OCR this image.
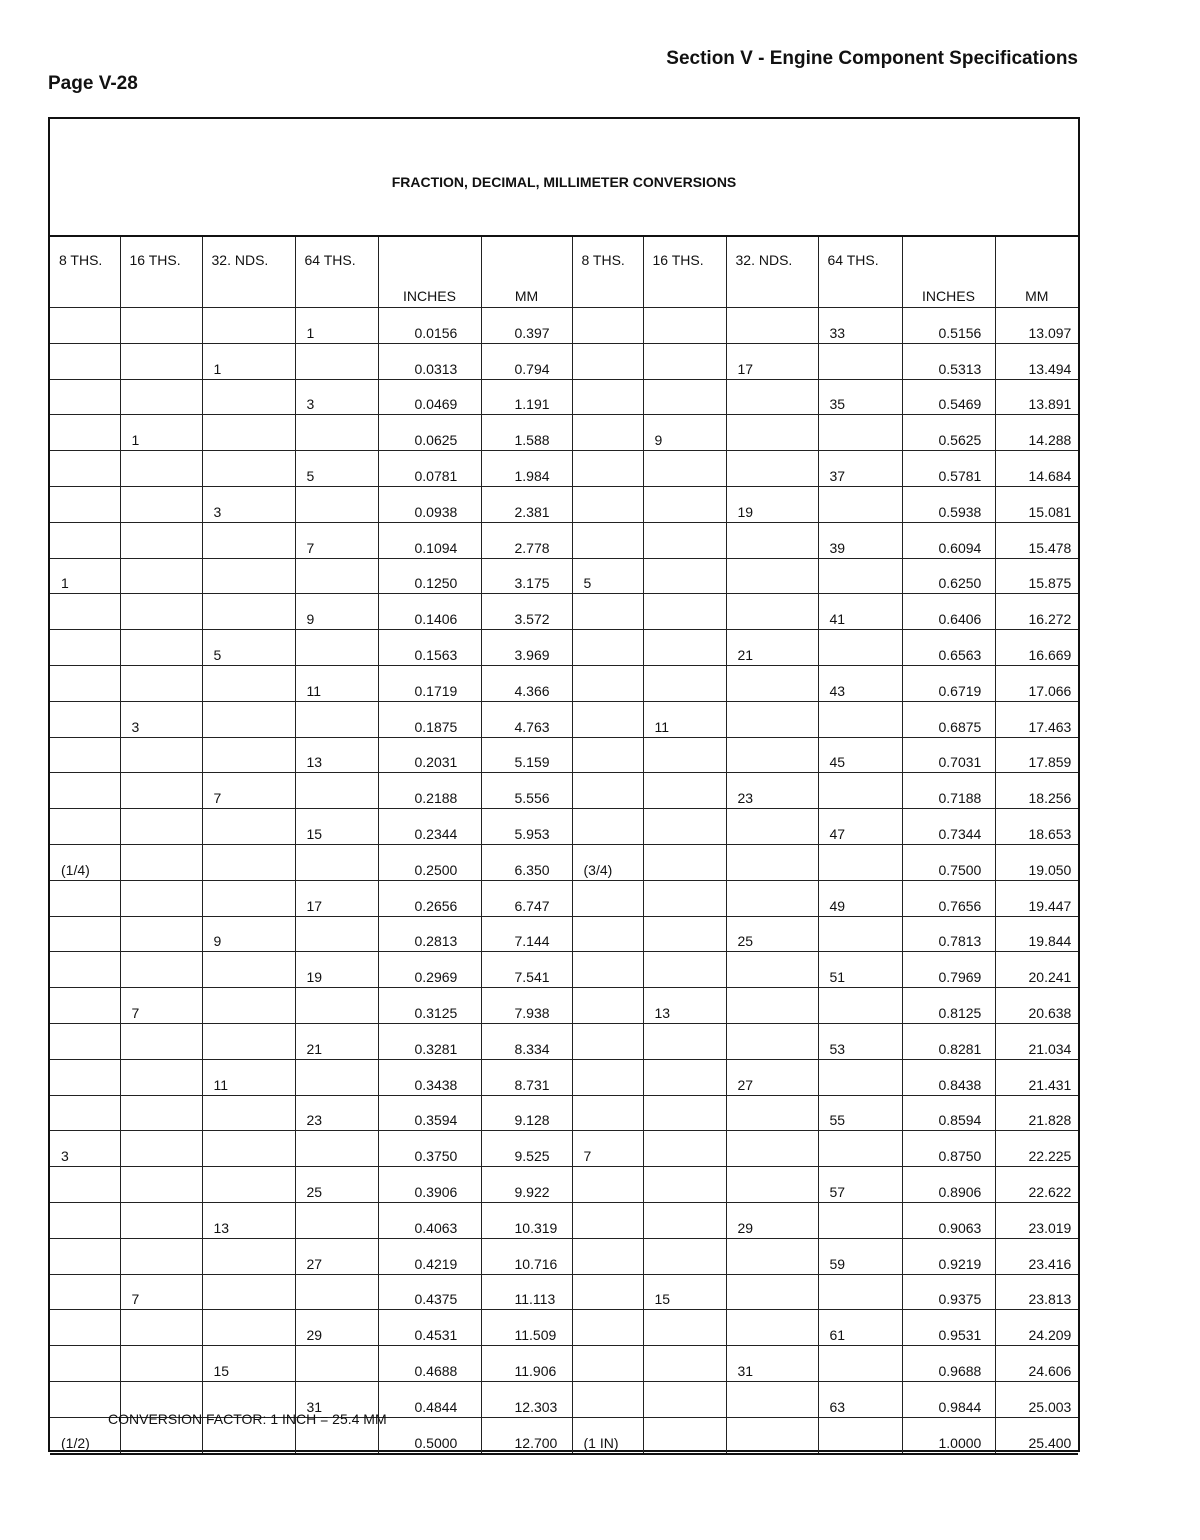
Section V - Engine Component Specifications
Page V-28
FRACTION, DECIMAL, MILLIMETER CONVERSIONS
8 THS.	16 THS.	32. NDS.	64 THS.	INCHES	MM	8 THS.	16 THS.	32. NDS.	64 THS.	INCHES	MM
			1	0.0156	0.397				33	0.5156	13.097
		1		0.0313	0.794			17		0.5313	13.494
			3	0.0469	1.191				35	0.5469	13.891
	1			0.0625	1.588		9			0.5625	14.288
			5	0.0781	1.984				37	0.5781	14.684
		3		0.0938	2.381			19		0.5938	15.081
			7	0.1094	2.778				39	0.6094	15.478
1				0.1250	3.175	5				0.6250	15.875
			9	0.1406	3.572				41	0.6406	16.272
		5		0.1563	3.969			21		0.6563	16.669
			11	0.1719	4.366				43	0.6719	17.066
	3			0.1875	4.763		11			0.6875	17.463
			13	0.2031	5.159				45	0.7031	17.859
		7		0.2188	5.556			23		0.7188	18.256
			15	0.2344	5.953				47	0.7344	18.653
(1/4)				0.2500	6.350	(3/4)				0.7500	19.050
			17	0.2656	6.747				49	0.7656	19.447
		9		0.2813	7.144			25		0.7813	19.844
			19	0.2969	7.541				51	0.7969	20.241
	7			0.3125	7.938		13			0.8125	20.638
			21	0.3281	8.334				53	0.8281	21.034
		11		0.3438	8.731			27		0.8438	21.431
			23	0.3594	9.128				55	0.8594	21.828
3				0.3750	9.525	7				0.8750	22.225
			25	0.3906	9.922				57	0.8906	22.622
		13		0.4063	10.319			29		0.9063	23.019
			27	0.4219	10.716				59	0.9219	23.416
	7			0.4375	11.113		15			0.9375	23.813
			29	0.4531	11.509				61	0.9531	24.209
		15		0.4688	11.906			31		0.9688	24.606
			31	0.4844	12.303				63	0.9844	25.003
(1/2)				0.5000	12.700	(1 IN)				1.0000	25.400
CONVERSION FACTOR: 1 INCH = 25.4 MM
